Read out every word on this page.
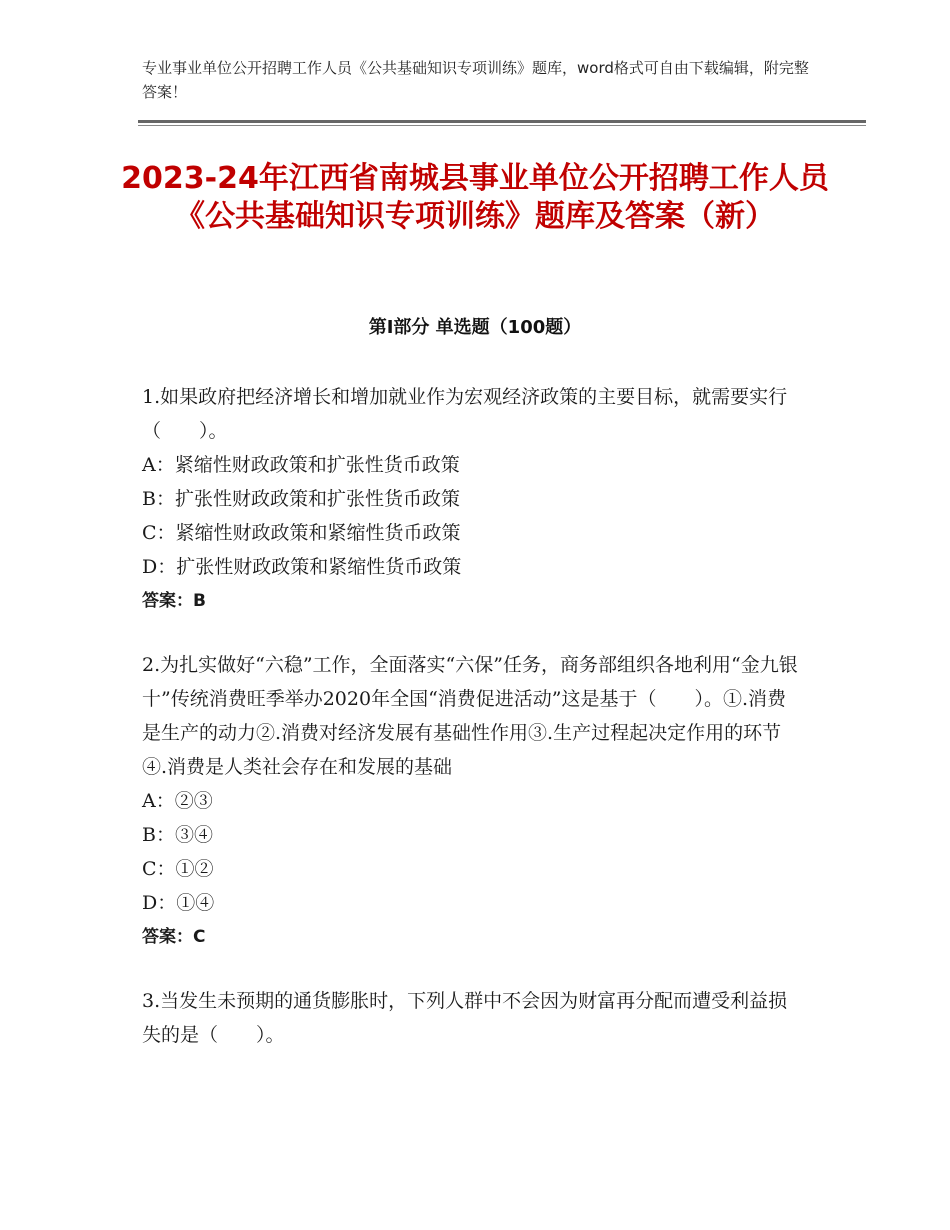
专业事业单位公开招聘工作人员《公共基础知识专项训练》题库，word格式可自由下载编辑，附完整答案！
2023-24年江西省南城县事业单位公开招聘工作人员《公共基础知识专项训练》题库及答案（新）
第Ⅰ部分 单选题（100题）

1.如果政府把经济增长和增加就业作为宏观经济政策的主要目标，就需要实行（　　）。

A：紧缩性财政政策和扩张性货币政策

B：扩张性财政政策和扩张性货币政策

C：紧缩性财政政策和紧缩性货币政策

D：扩张性财政政策和紧缩性货币政策

答案：B

2.为扎实做好“六稳”工作，全面落实“六保”任务，商务部组织各地利用“金九银十”传统消费旺季举办2020年全国“消费促进活动”这是基于（　　）。①.消费是生产的动力②.消费对经济发展有基础性作用③.生产过程起决定作用的环节④.消费是人类社会存在和发展的基础

A：②③

B：③④

C：①②

D：①④

答案：C

3.当发生未预期的通货膨胀时，下列人群中不会因为财富再分配而遭受利益损失的是（　　）。
